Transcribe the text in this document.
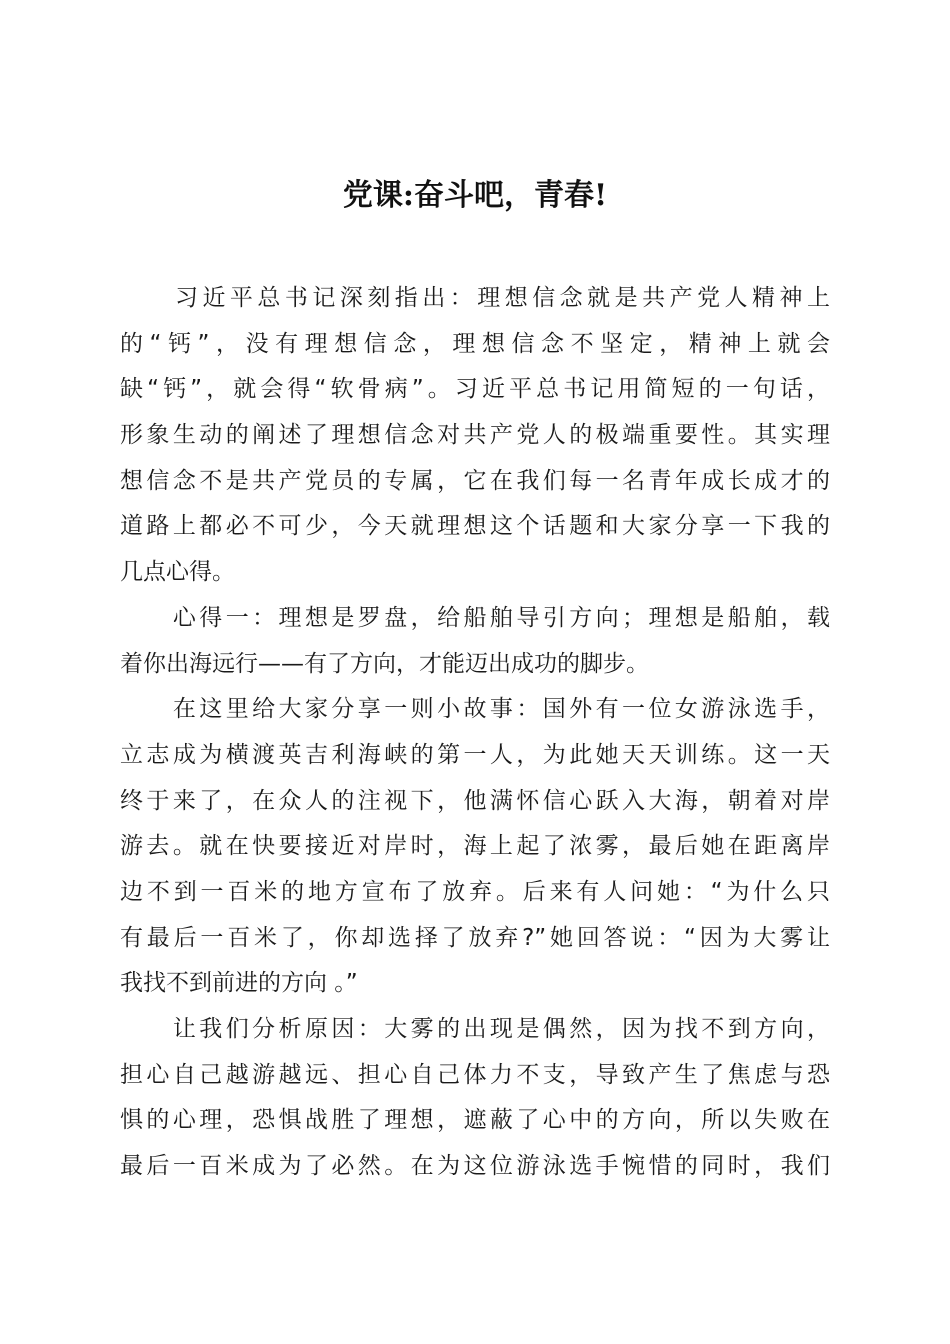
党课:奋斗吧，青春!
　　习近平总书记深刻指出：理想信念就是共产党人精神上
的“钙”，没有理想信念，理想信念不坚定，精神上就会
缺“钙”，就会得“软骨病”。习近平总书记用简短的一句话，
形象生动的阐述了理想信念对共产党人的极端重要性。其实理
想信念不是共产党员的专属，它在我们每一名青年成长成才的
道路上都必不可少，今天就理想这个话题和大家分享一下我的
几点心得。
　　心得一：理想是罗盘，给船舶导引方向；理想是船舶，载
着你出海远行——有了方向，才能迈出成功的脚步。
　　在这里给大家分享一则小故事：国外有一位女游泳选手，
立志成为横渡英吉利海峡的第一人，为此她天天训练。这一天
终于来了，在众人的注视下，他满怀信心跃入大海，朝着对岸
游去。就在快要接近对岸时，海上起了浓雾，最后她在距离岸
边不到一百米的地方宣布了放弃。后来有人问她：“为什么只
有最后一百米了，你却选择了放弃?”她回答说：“因为大雾让
我找不到前进的方向 。”
　　让我们分析原因：大雾的出现是偶然，因为找不到方向，
担心自己越游越远、担心自己体力不支，导致产生了焦虑与恐
惧的心理，恐惧战胜了理想，遮蔽了心中的方向，所以失败在
最后一百米成为了必然。在为这位游泳选手惋惜的同时，我们
